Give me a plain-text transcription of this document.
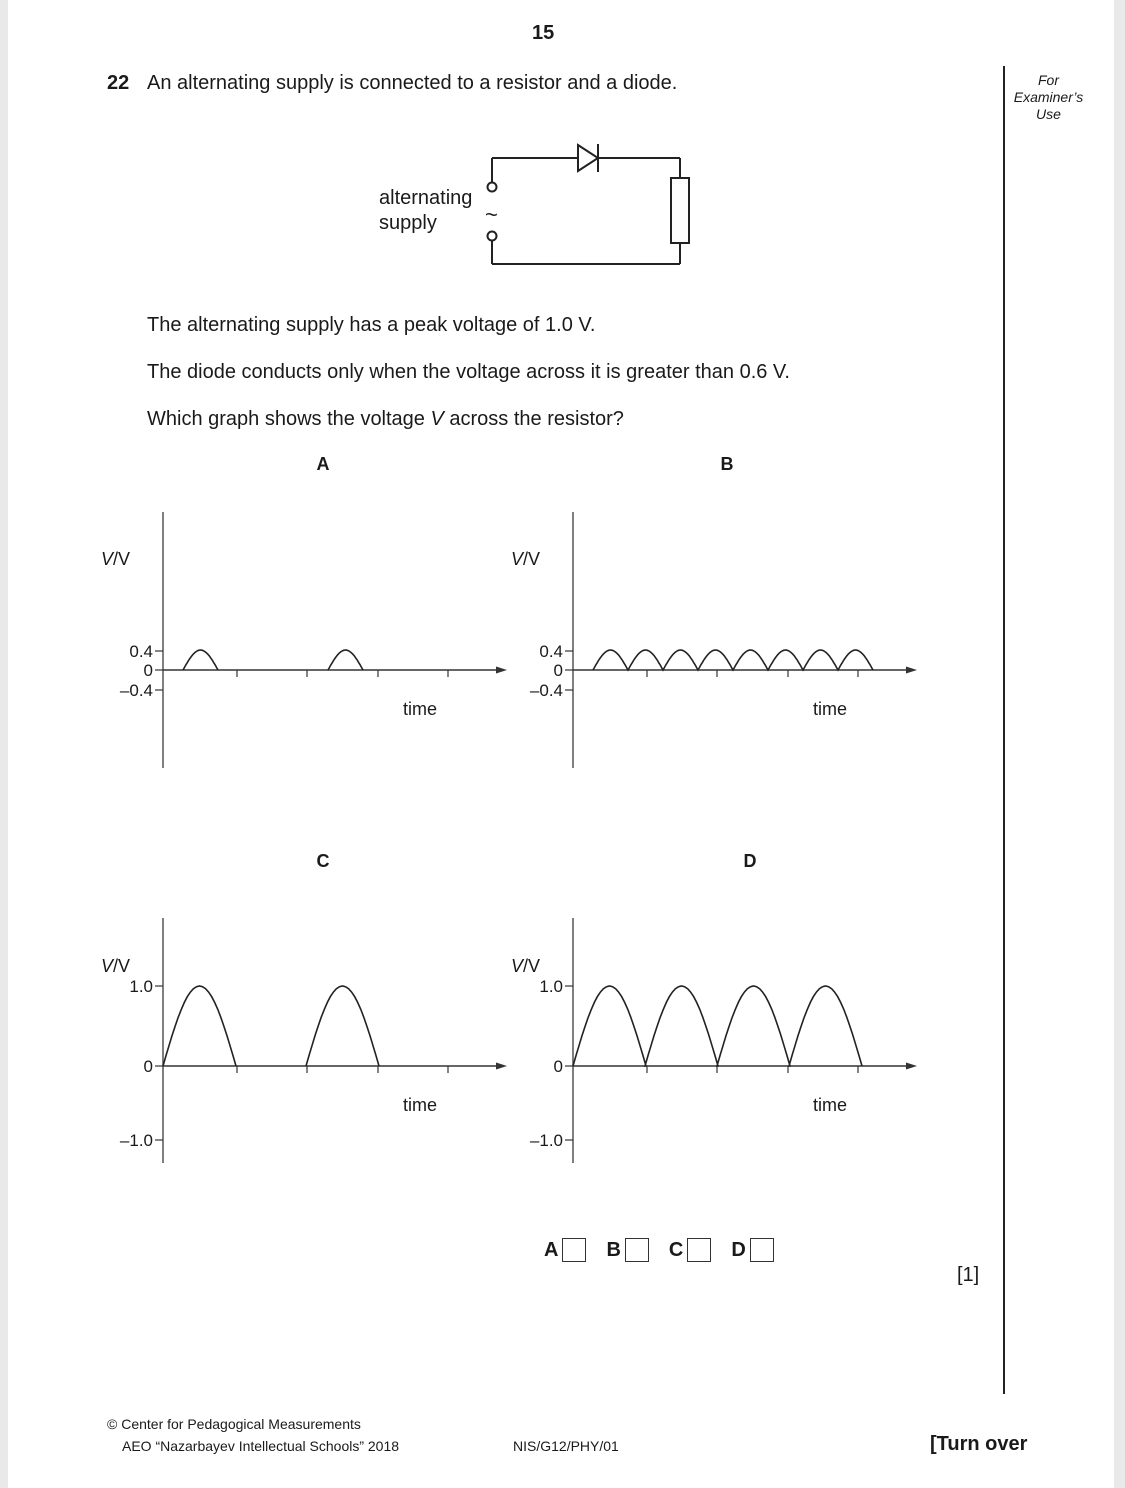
15
22 An alternating supply is connected to a resistor and a diode.	For
Examiner’s
Use
~
alternating
supply
The alternating supply has a peak voltage of 1.0 V.
The diode conducts only when the voltage across it is greater than 0.6 V.
Which graph shows the voltage V across the resistor?
A
V/V
0.4
0
–0.4
time
B
V/V
0.4
0
–0.4
time
C
V/V
1.0
0
–1.0
time
D
V/V
1.0
0
–1.0
time
A B C D
[1]
© Center for Pedagogical Measurements
AEO “Nazarbayev Intellectual Schools” 2018	NIS/G12/PHY/01	[Turn over
